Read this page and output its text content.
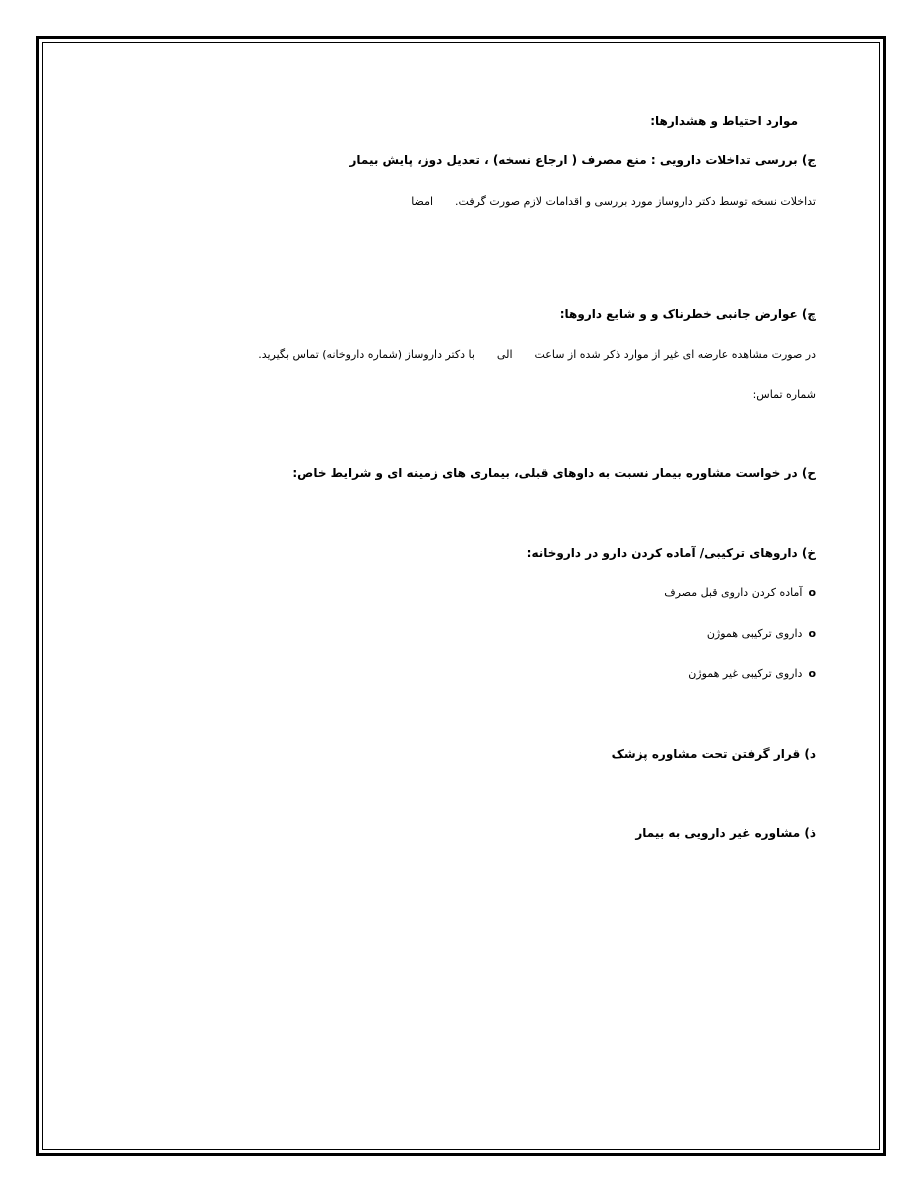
موارد احتیاط و هشدارها:
ج) بررسی تداخلات دارویی : منع مصرف ( ارجاع نسخه) ، تعدیل دوز، پایش بیمار
تداخلات نسخه توسط دکتر داروساز مورد بررسی و اقدامات لازم صورت گرفت.امضا
چ) عوارض جانبی خطرناک و و شایع داروها:
در صورت مشاهده عارضه ای غیر از موارد ذکر شده از ساعتالیبا دکتر داروساز (شماره داروخانه) تماس بگیرید.
شماره تماس:
ح) در خواست مشاوره بیمار نسبت به داوهای قبلی، بیماری های زمینه ای و شرایط خاص:
خ) داروهای ترکیبی/ آماده کردن دارو در داروخانه:
oآماده کردن داروی قبل مصرف
oداروی ترکیبی هموژن
oداروی ترکیبی غیر هموژن
د) قرار گرفتن تحت مشاوره پزشک
ذ) مشاوره غیر دارویی به بیمار
